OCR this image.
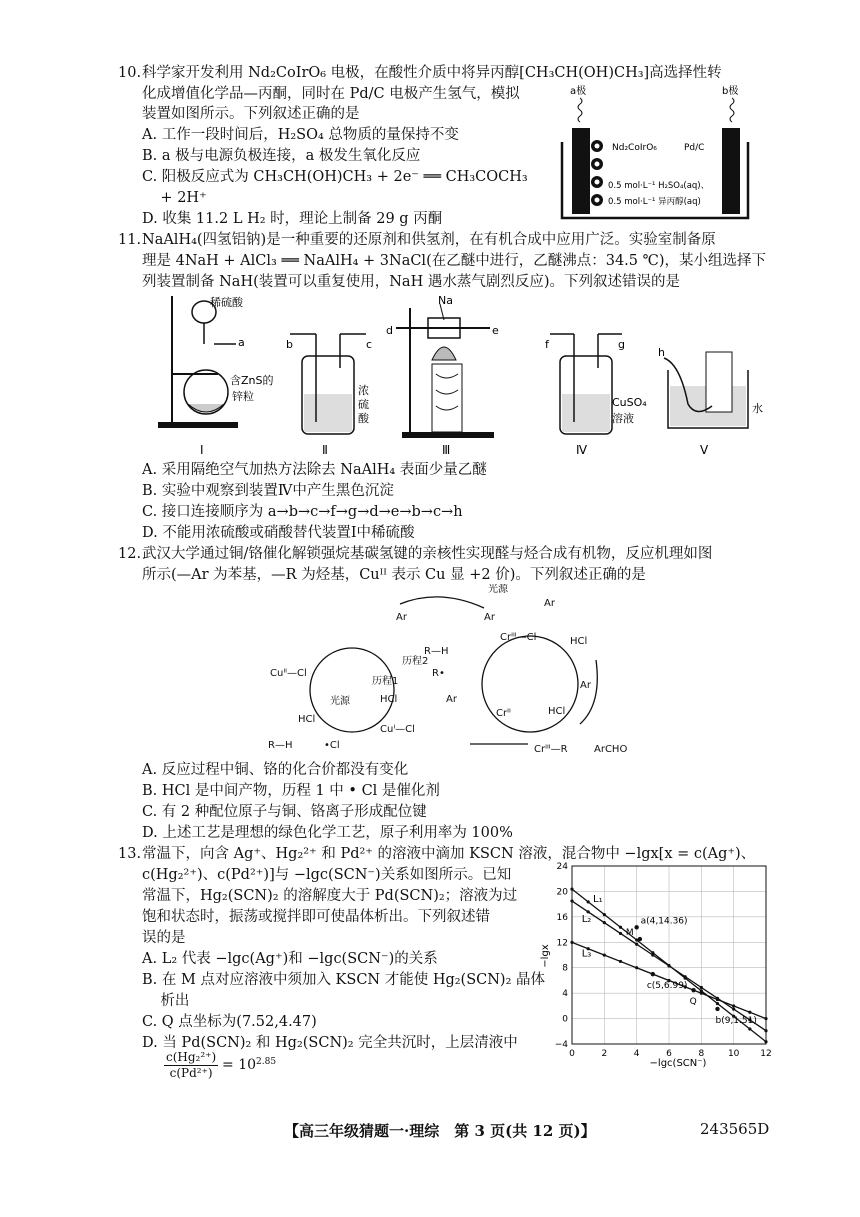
10. 科学家开发利用 Nd₂CoIrO₆ 电极，在酸性介质中将异丙醇[CH₃CH(OH)CH₃]高选择性转
化成增值化学品—丙酮，同时在 Pd/C 电极产生氢气，模拟
装置如图所示。下列叙述正确的是
A. 工作一段时间后，H₂SO₄ 总物质的量保持不变
B. a 极与电源负极连接，a 极发生氧化反应
C. 阳极反应式为 CH₃CH(OH)CH₃ + 2e⁻ ══ CH₃COCH₃
+ 2H⁺
D. 收集 11.2 L H₂ 时，理论上制备 29 g 丙酮
a极	b极
Nd₂CoIrO₆	Pd/C
0.5 mol·L⁻¹ H₂SO₄(aq)、
0.5 mol·L⁻¹ 异丙醇(aq)
11. NaAlH₄(四氢铝钠)是一种重要的还原剂和供氢剂，在有机合成中应用广泛。实验室制备原
理是 4NaH + AlCl₃ ══ NaAlH₄ + 3NaCl(在乙醚中进行，乙醚沸点：34.5 ℃)，某小组选择下
列装置制备 NaH(装置可以重复使用，NaH 遇水蒸气剧烈反应)。下列叙述错误的是
稀硫酸
含ZnS的
锌粒
a
Ⅰ
b	c
浓
硫
酸
Ⅱ
d	e
Na
Ⅲ
f	g
CuSO₄
溶液
Ⅳ
h
水
Ⅴ
A. 采用隔绝空气加热方法除去 NaAlH₄ 表面少量乙醚
B. 实验中观察到装置Ⅳ中产生黑色沉淀
C. 接口连接顺序为 a→b→c→f→g→d→e→b→c→h
D. 不能用浓硫酸或硝酸替代装置Ⅰ中稀硫酸
12. 武汉大学通过铜/铬催化解锁强烷基碳氢键的亲核性实现醛与烃合成有机物，反应机理如图
所示(—Ar 为苯基，—R 为烃基，Cuᴵᴵ 表示 Cu 显 +2 价)。下列叙述正确的是
光源
光源
历程1
历程2
Cuᴵᴵ—Cl
Cuᴵ—Cl
HCl
HCl
HCl
HCl
R—H
R—H
R•
•Cl
Crᴵᴵᴵ—Cl
Crᴵᴵ
Crᴵᴵᴵ—R	ArCHO
Ar	Ar
Ar
Ar
Ar
A. 反应过程中铜、铬的化合价都没有变化
B. HCl 是中间产物，历程 1 中 • Cl 是催化剂
C. 有 2 种配位原子与铜、铬离子形成配位键
D. 上述工艺是理想的绿色化学工艺，原子利用率为 100%
13. 常温下，向含 Ag⁺、Hg₂²⁺ 和 Pd²⁺ 的溶液中滴加 KSCN 溶液，混合物中 −lgx[x = c(Ag⁺)、
c(Hg₂²⁺)、c(Pd²⁺)]与 −lgc(SCN⁻)关系如图所示。已知
常温下，Hg₂(SCN)₂ 的溶解度大于 Pd(SCN)₂；溶液为过
饱和状态时，振荡或搅拌即可使晶体析出。下列叙述错
误的是
A. L₂ 代表 −lgc(Ag⁺)和 −lgc(SCN⁻)的关系
B. 在 M 点对应溶液中须加入 KSCN 才能使 Hg₂(SCN)₂ 晶体
析出
C. Q 点坐标为(7.52,4.47)
D. 当 Pd(SCN)₂ 和 Hg₂(SCN)₂ 完全共沉时，上层清液中
$\frac{\text{c(Hg₂²⁺)}}{\text{c(Pd²⁺)}} = 10^{2.85}$
0	2	4	6	8	10 12
24
20
16
12
8
4
0
−4
L₁
L₂
L₃
a(4,14.36)
c(5,6.99)
b(9,1.51)
M
Q
−lgx
−lgc(SCN⁻)
【高三年级猜题一·理综　第 3 页(共 12 页)】	243565D
